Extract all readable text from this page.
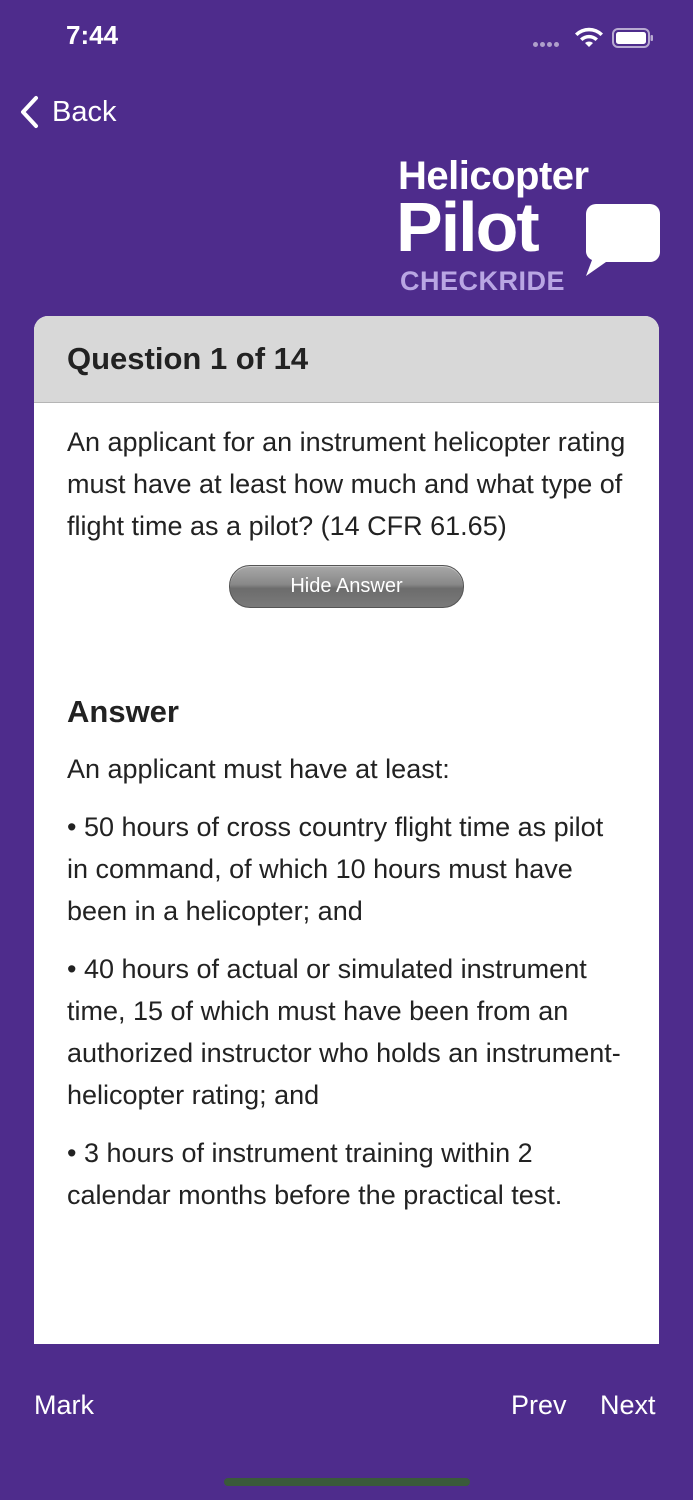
7:44
Back
Helicopter
Pilot
CHECKRIDE
Question 1 of 14

An applicant for an instrument helicopter rating must have at least how much and what type of flight time as a pilot? (14 CFR 61.65)

Hide Answer
Answer

An applicant must have at least:

• 50 hours of cross country flight time as pilot in command, of which 10 hours must have been in a helicopter; and

• 40 hours of actual or simulated instrument time, 15 of which must have been from an authorized instructor who holds an instrument-helicopter rating; and

• 3 hours of instrument training within 2 calendar months before the practical test.

Mark	Prev Next
